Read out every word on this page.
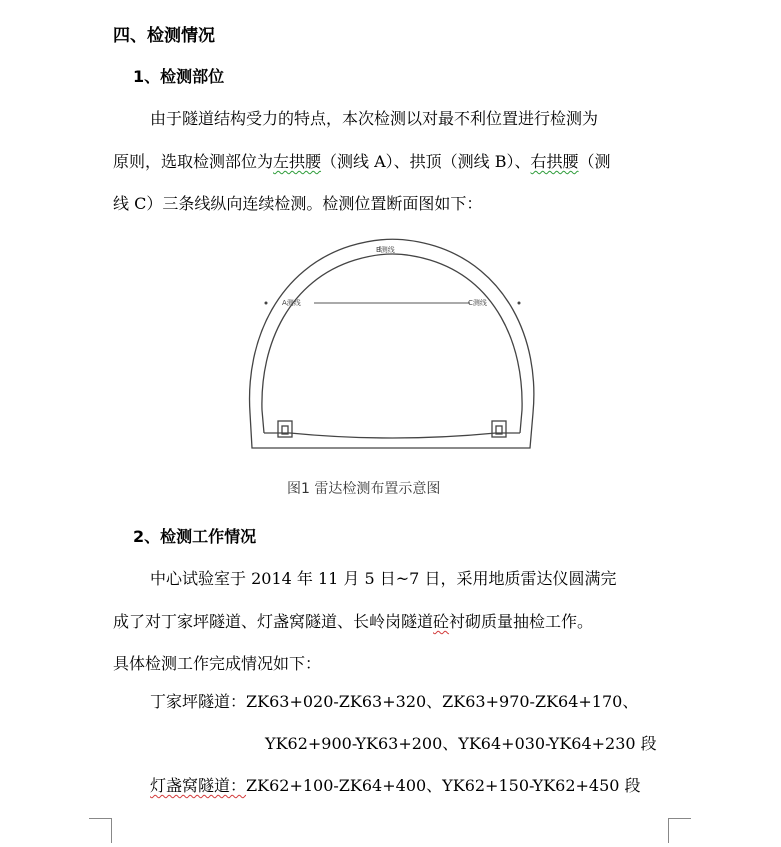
四、检测情况
1、检测部位
由于隧道结构受力的特点，本次检测以对最不利位置进行检测为
原则，选取检测部位为左拱腰（测线 A）、拱顶（测线 B）、右拱腰（测
线 C）三条线纵向连续检测。检测位置断面图如下：
B测线
A测线	C测线
图1 雷达检测布置示意图
2、检测工作情况
中心试验室于 2014 年 11 月 5 日~7 日，采用地质雷达仪圆满完
成了对丁家坪隧道、灯盏窝隧道、长岭岗隧道砼衬砌质量抽检工作。
具体检测工作完成情况如下：
丁家坪隧道：ZK63+020-ZK63+320、ZK63+970-ZK64+170、
YK62+900-YK63+200、YK64+030-YK64+230 段
灯盏窝隧道：ZK62+100-ZK64+400、YK62+150-YK62+450 段
